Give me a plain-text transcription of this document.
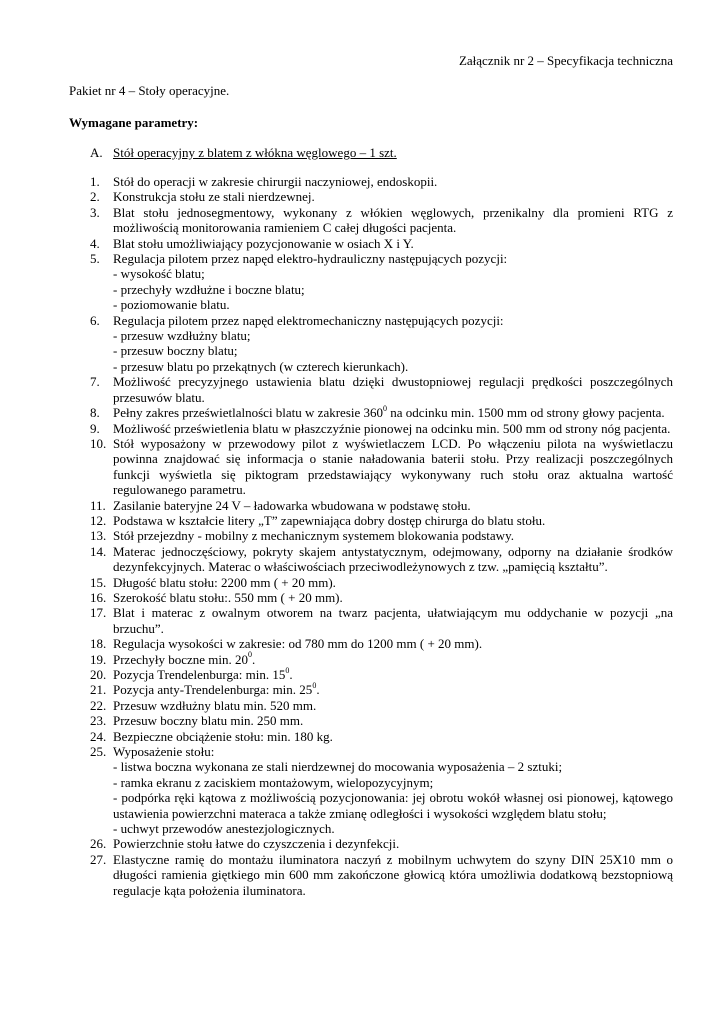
Załącznik nr 2 – Specyfikacja techniczna
Pakiet nr 4 – Stoły operacyjne.
Wymagane parametry:
A. Stół operacyjny z blatem z włókna węglowego – 1 szt.
1. Stół do operacji w zakresie chirurgii naczyniowej, endoskopii.
2. Konstrukcja stołu ze stali nierdzewnej.
3. Blat stołu jednosegmentowy, wykonany z włókien węglowych, przenikalny dla promieni RTG z możliwością monitorowania ramieniem C całej długości pacjenta.
4. Blat stołu umożliwiający pozycjonowanie w osiach X i Y.
5. Regulacja pilotem przez napęd elektro-hydrauliczny następujących pozycji:
- wysokość blatu;
- przechyły wzdłużne i boczne blatu;
- poziomowanie blatu.
6. Regulacja pilotem przez napęd elektromechaniczny następujących pozycji:
- przesuw wzdłużny blatu;
- przesuw boczny blatu;
- przesuw blatu po przekątnych (w czterech kierunkach).
7. Możliwość precyzyjnego ustawienia blatu dzięki dwustopniowej regulacji prędkości poszczególnych przesuwów blatu.
8. Pełny zakres prześwietlalności blatu w zakresie $360^0$ na odcinku min. 1500 mm od strony głowy pacjenta.
9. Możliwość prześwietlenia blatu w płaszczyźnie pionowej na odcinku min. 500 mm od strony nóg pacjenta.
10. Stół wyposażony w przewodowy pilot z wyświetlaczem LCD. Po włączeniu pilota na wyświetlaczu powinna znajdować się informacja o stanie naładowania baterii stołu. Przy realizacji poszczególnych funkcji wyświetla się piktogram przedstawiający wykonywany ruch stołu oraz aktualna wartość regulowanego parametru.
11. Zasilanie bateryjne 24 V – ładowarka wbudowana w podstawę stołu.
12. Podstawa w kształcie litery „T” zapewniająca dobry dostęp chirurga do blatu stołu.
13. Stół przejezdny - mobilny z mechanicznym systemem blokowania podstawy.
14. Materac jednoczęściowy, pokryty skajem antystatycznym, odejmowany, odporny na działanie środków dezynfekcyjnych. Materac o właściwościach przeciwodleżynowych z tzw. „pamięcią kształtu”.
15. Długość blatu stołu: 2200 mm ( + 20 mm).
16. Szerokość blatu stołu:. 550 mm ( + 20 mm).
17. Blat i materac z owalnym otworem na twarz pacjenta, ułatwiającym mu oddychanie w pozycji „na brzuchu”.
18. Regulacja wysokości w zakresie: od 780 mm do 1200 mm ( + 20 mm).
19. Przechyły boczne min. $20^0$.
20. Pozycja Trendelenburga: min. $15^0$.
21. Pozycja anty-Trendelenburga: min. $25^0$.
22. Przesuw wzdłużny blatu min. 520 mm.
23. Przesuw boczny blatu min. 250 mm.
24. Bezpieczne obciążenie stołu: min. 180 kg.
25. Wyposażenie stołu:
- listwa boczna wykonana ze stali nierdzewnej do mocowania wyposażenia – 2 sztuki;
- ramka ekranu z zaciskiem montażowym, wielopozycyjnym;
- podpórka ręki kątowa z możliwością pozycjonowania: jej obrotu wokół własnej osi pionowej, kątowego ustawienia powierzchni materaca a także zmianę odległości i wysokości względem blatu stołu;
- uchwyt przewodów anestezjologicznych.
26. Powierzchnie stołu łatwe do czyszczenia i dezynfekcji.
27. Elastyczne ramię do montażu iluminatora naczyń z mobilnym uchwytem do szyny DIN 25X10 mm o długości ramienia giętkiego min 600 mm zakończone głowicą która umożliwia dodatkową bezstopniową regulacje kąta położenia iluminatora.
